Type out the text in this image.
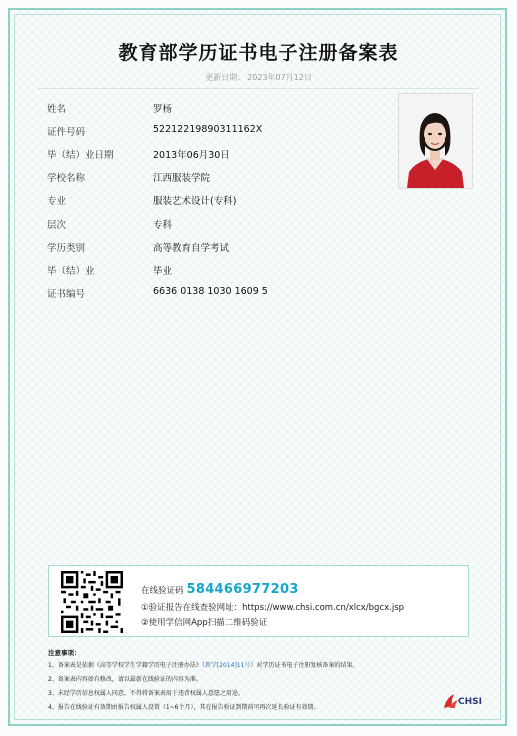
教育部学历证书电子注册备案表
更新日期： 2023年07月12日
姓名	罗杨
证件号码	52212219890311162X
毕（结）业日期	2013年06月30日
学校名称	江西服装学院
专业	服装艺术设计(专科)
层次	专科
学历类别	高等教育自学考试
毕（结）业	毕业
证书编号	6636 0138 1030 1609 5
在线验证码 584466977203
①验证报告在线查验网址：https://www.chsi.com.cn/xlcx/bgcx.jsp
②使用学信网App扫描二维码验证
注意事项：
1、备案表是依据《高等学校学生学籍学历电子注册办法》（教学[2014]11号）对学历证书电子注册复核备案的结果。
2、备案表内容如有修改，请以最新在线验证的内容为准。
3、未经学历信息权属人同意，不得将备案表用于违背权属人意愿之用途。
4、报告在线验证有效期由报告权属人设置（1~6个月），其在报告验证到期前可再次延长验证有效期。
CHSI
